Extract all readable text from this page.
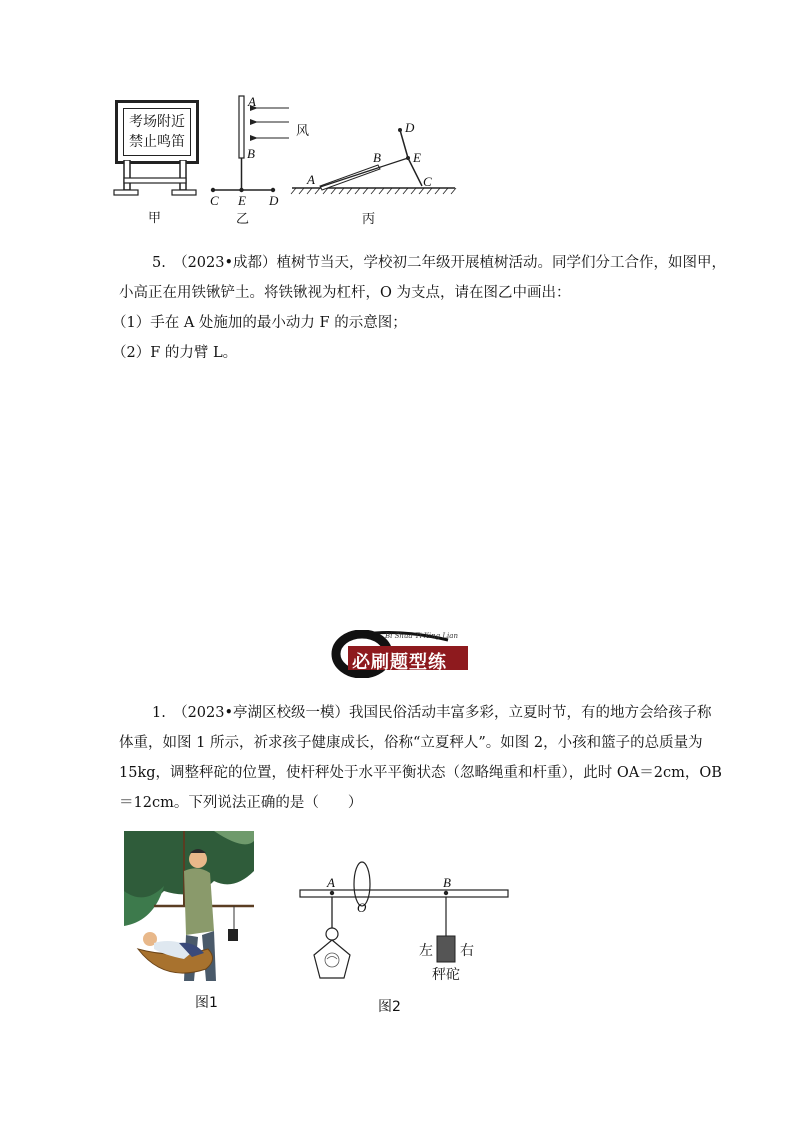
考场附近
禁止鸣笛
甲
A
B
C E D
风
乙
A
B
C
D
E
丙
5.　（2023•成都）植树节当天，学校初二年级开展植树活动。同学们分工合作，如图甲，
小高正在用铁锹铲土。将铁锹视为杠杆，O 为支点，请在图乙中画出：
（1）手在 A 处施加的最小动力 F 的示意图；
（2）F 的力臂 L。
Bi Shua Ti Xing Lian
必刷题型练
1.　（2023•亭湖区校级一模）我国民俗活动丰富多彩，立夏时节，有的地方会给孩子称
体重，如图 1 所示，祈求孩子健康成长，俗称“立夏秤人”。如图 2，小孩和篮子的总质量为
15kg，调整秤砣的位置，使杆秤处于水平平衡状态（忽略绳重和杆重），此时 OA＝2cm，OB
＝12cm。下列说法正确的是（　　）
图1
A
O
B
左 右
秤砣
图2
